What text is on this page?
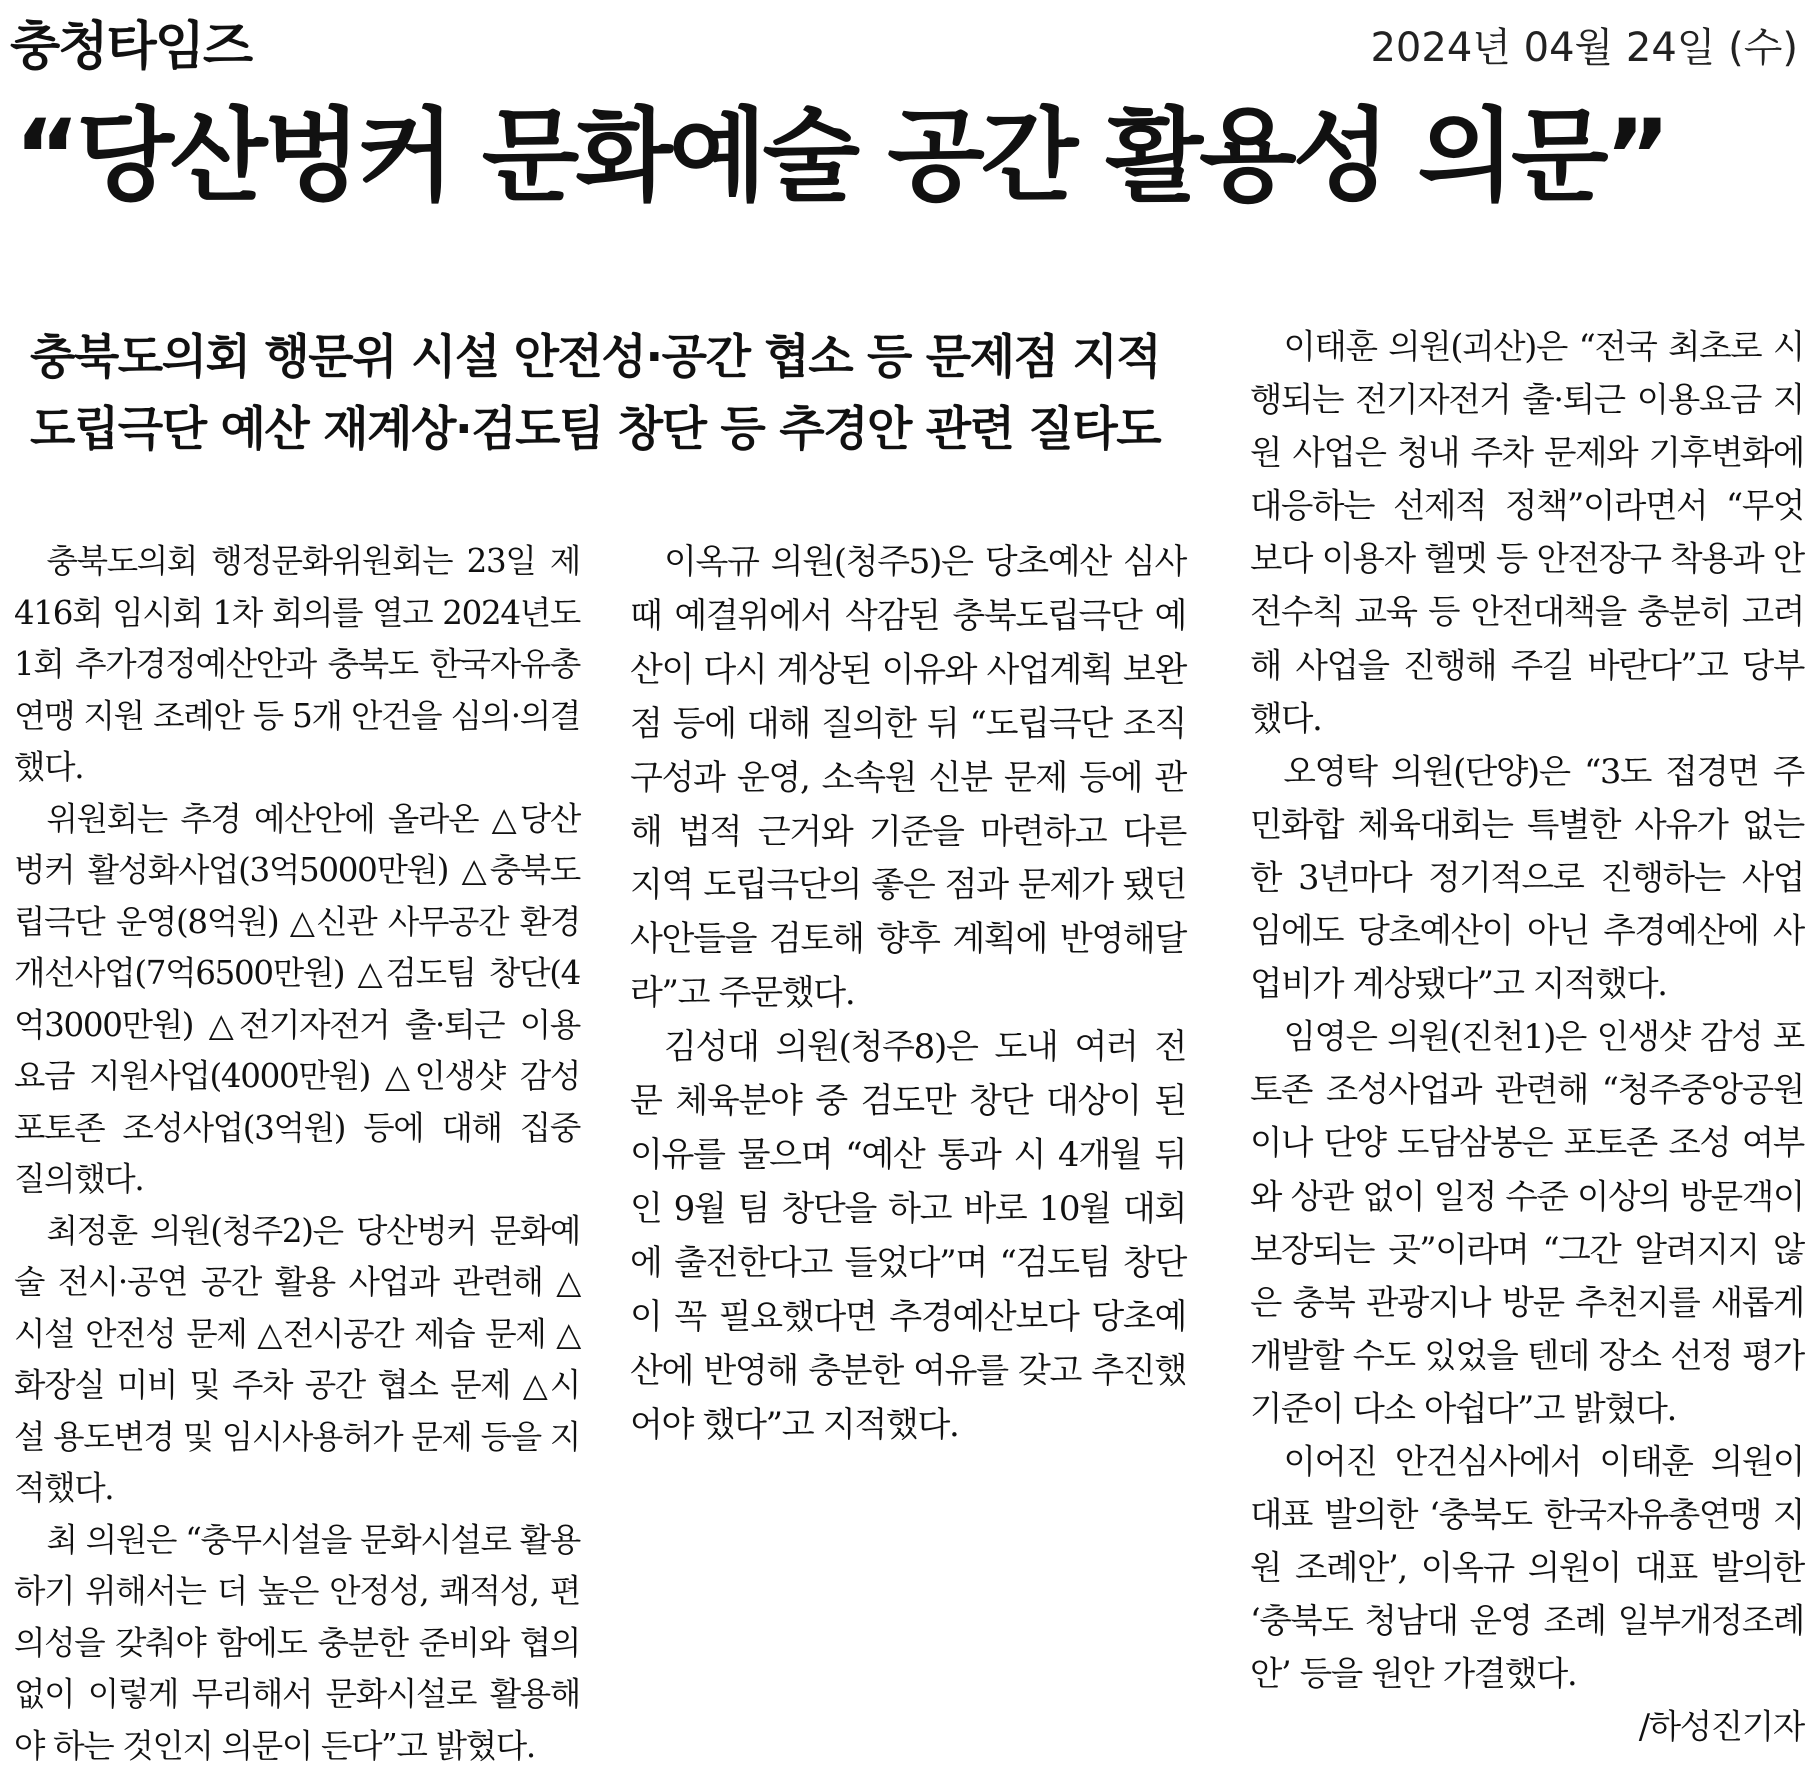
충청타임즈	2024년 04월 24일 (수)
“당산벙커 문화예술 공간 활용성 의문”
충북도의회 행문위 시설 안전성·공간 협소 등 문제점 지적
도립극단 예산 재계상·검도팀 창단 등 추경안 관련 질타도

충북도의회 행정문화위원회는 23일 제416회 임시회 1차 회의를 열고 2024년도 1회 추가경정예산안과 충북도 한국자유총연맹 지원 조례안 등 5개 안건을 심의·의결했다.

위원회는 추경 예산안에 올라온 △당산 벙커 활성화사업(3억5000만원) △충북도립극단 운영(8억원) △신관 사무공간 환경개선사업(7억6500만원) △검도팀 창단(4억3000만원) △전기자전거 출·퇴근 이용요금 지원사업(4000만원) △인생샷 감성 포토존 조성사업(3억원) 등에 대해 집중 질의했다.

최정훈 의원(청주2)은 당산벙커 문화예술 전시·공연 공간 활용 사업과 관련해 △시설 안전성 문제 △전시공간 제습 문제 △화장실 미비 및 주차 공간 협소 문제 △시설 용도변경 및 임시사용허가 문제 등을 지적했다.

최 의원은 “충무시설을 문화시설로 활용하기 위해서는 더 높은 안정성, 쾌적성, 편의성을 갖춰야 함에도 충분한 준비와 협의 없이 이렇게 무리해서 문화시설로 활용해야 하는 것인지 의문이 든다”고 밝혔다.

이옥규 의원(청주5)은 당초예산 심사 때 예결위에서 삭감된 충북도립극단 예산이 다시 계상된 이유와 사업계획 보완점 등에 대해 질의한 뒤 “도립극단 조직 구성과 운영, 소속원 신분 문제 등에 관해 법적 근거와 기준을 마련하고 다른 지역 도립극단의 좋은 점과 문제가 됐던 사안들을 검토해 향후 계획에 반영해달라”고 주문했다.

김성대 의원(청주8)은 도내 여러 전문 체육분야 중 검도만 창단 대상이 된 이유를 물으며 “예산 통과 시 4개월 뒤인 9월 팀 창단을 하고 바로 10월 대회에 출전한다고 들었다”며 “검도팀 창단이 꼭 필요했다면 추경예산보다 당초예산에 반영해 충분한 여유를 갖고 추진했어야 했다”고 지적했다.

이태훈 의원(괴산)은 “전국 최초로 시행되는 전기자전거 출·퇴근 이용요금 지원 사업은 청내 주차 문제와 기후변화에 대응하는 선제적 정책”이라면서 “무엇보다 이용자 헬멧 등 안전장구 착용과 안전수칙 교육 등 안전대책을 충분히 고려해 사업을 진행해 주길 바란다”고 당부했다.

오영탁 의원(단양)은 “3도 접경면 주민화합 체육대회는 특별한 사유가 없는 한 3년마다 정기적으로 진행하는 사업임에도 당초예산이 아닌 추경예산에 사업비가 계상됐다”고 지적했다.

임영은 의원(진천1)은 인생샷 감성 포토존 조성사업과 관련해 “청주중앙공원이나 단양 도담삼봉은 포토존 조성 여부와 상관 없이 일정 수준 이상의 방문객이 보장되는 곳”이라며 “그간 알려지지 않은 충북 관광지나 방문 추천지를 새롭게 개발할 수도 있었을 텐데 장소 선정 평가 기준이 다소 아쉽다”고 밝혔다.

이어진 안건심사에서 이태훈 의원이 대표 발의한 ‘충북도 한국자유총연맹 지원 조례안’, 이옥규 의원이 대표 발의한 ‘충북도 청남대 운영 조례 일부개정조례안’ 등을 원안 가결했다.

/하성진기자
